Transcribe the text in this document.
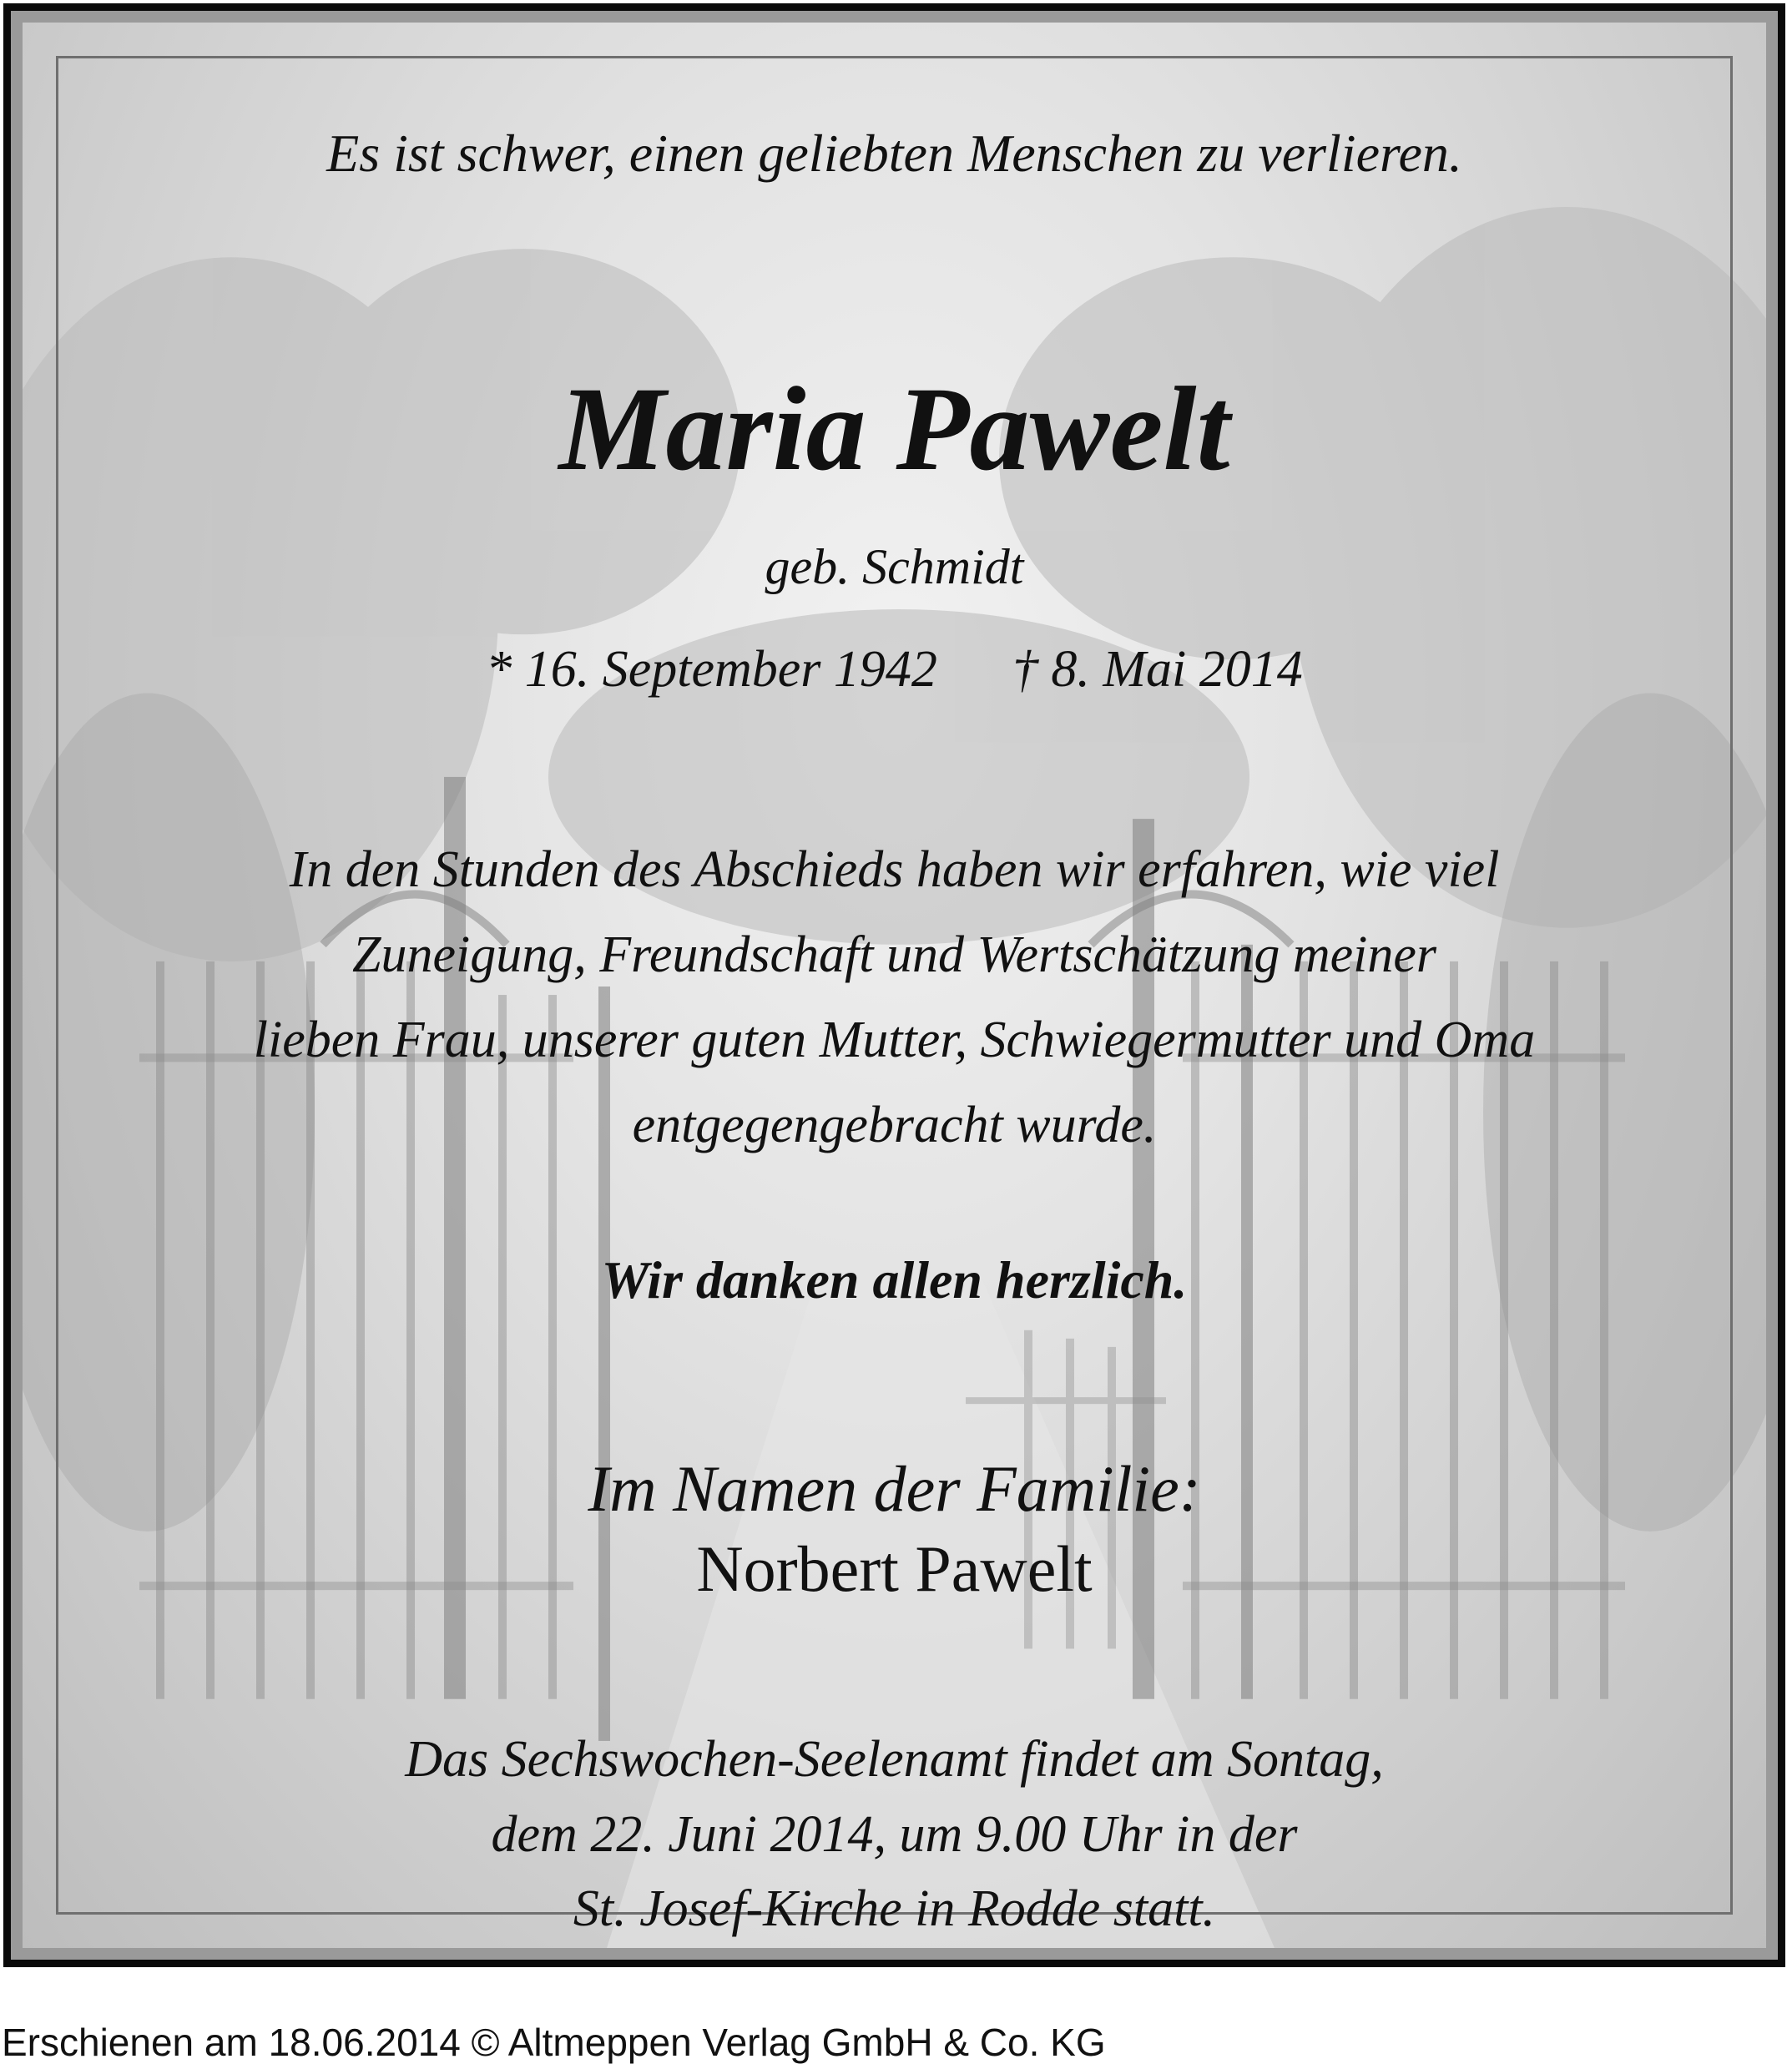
Es ist schwer, einen geliebten Menschen zu verlieren.
Maria Pawelt
geb. Schmidt
* 16. September 1942 † 8. Mai 2014
In den Stunden des Abschieds haben wir erfahren, wie viel
Zuneigung, Freundschaft und Wertschätzung meiner
lieben Frau, unserer guten Mutter, Schwiegermutter und Oma
entgegengebracht wurde.
Wir danken allen herzlich.
Im Namen der Familie:
Norbert Pawelt
Das Sechswochen-Seelenamt findet am Sontag,
dem 22. Juni 2014, um 9.00 Uhr in der
St. Josef-Kirche in Rodde statt.
Erschienen am 18.06.2014 © Altmeppen Verlag GmbH & Co. KG
